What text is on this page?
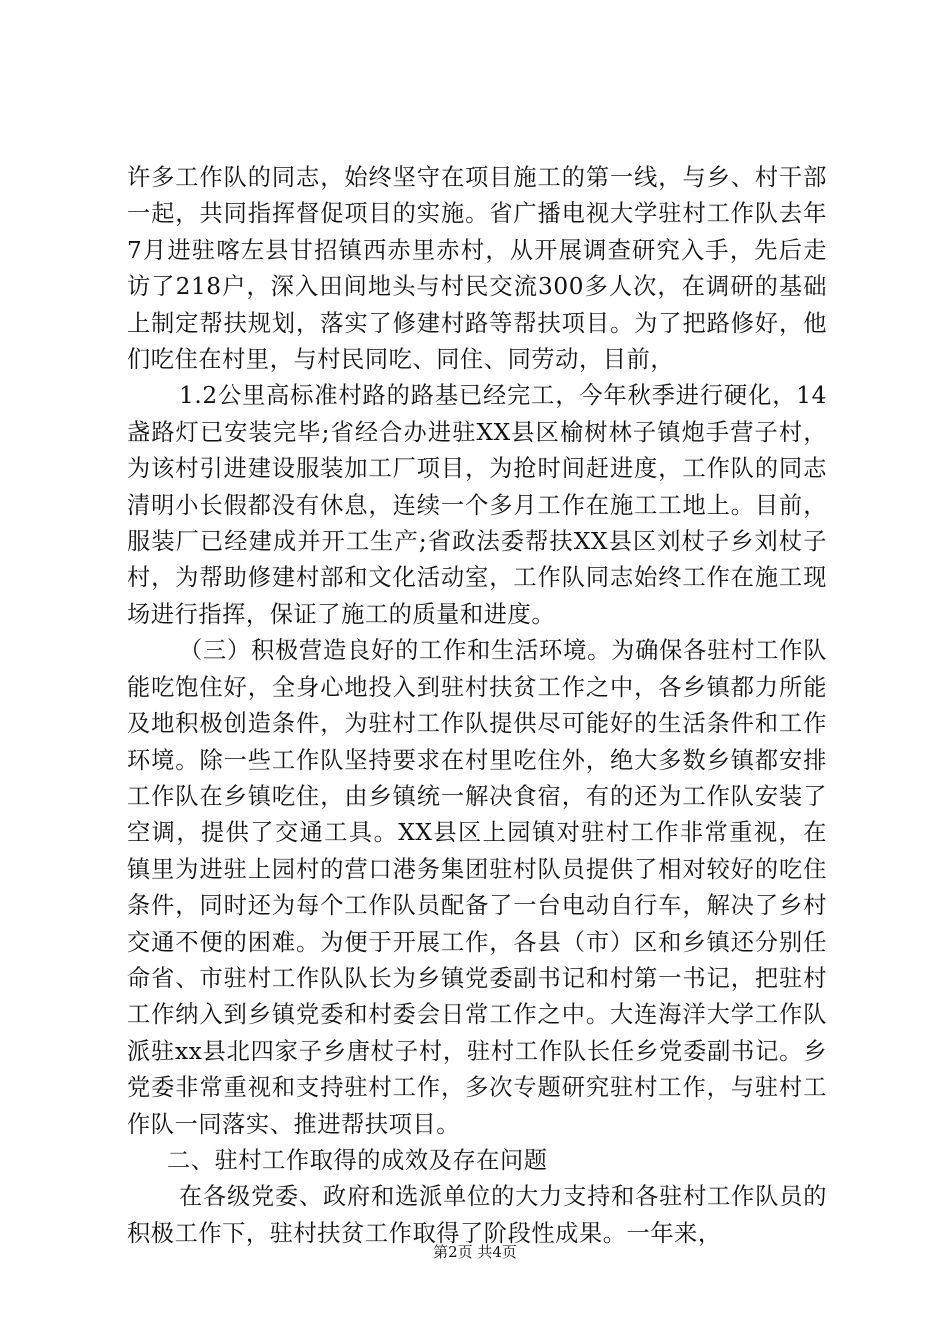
许多工作队的同志，始终坚守在项目施工的第一线，与乡、村干部一起，共同指挥督促项目的实施。省广播电视大学驻村工作队去年7月进驻喀左县甘招镇西赤里赤村，从开展调查研究入手，先后走访了218户，深入田间地头与村民交流300多人次，在调研的基础上制定帮扶规划，落实了修建村路等帮扶项目。为了把路修好，他们吃住在村里，与村民同吃、同住、同劳动，目前，

1.2公里高标准村路的路基已经完工，今年秋季进行硬化，14盏路灯已安装完毕;省经合办进驻XX县区榆树林子镇炮手营子村，为该村引进建设服装加工厂项目，为抢时间赶进度，工作队的同志清明小长假都没有休息，连续一个多月工作在施工工地上。目前，服装厂已经建成并开工生产;省政法委帮扶XX县区刘杖子乡刘杖子村，为帮助修建村部和文化活动室，工作队同志始终工作在施工现场进行指挥，保证了施工的质量和进度。

（三）积极营造良好的工作和生活环境。为确保各驻村工作队能吃饱住好，全身心地投入到驻村扶贫工作之中，各乡镇都力所能及地积极创造条件，为驻村工作队提供尽可能好的生活条件和工作环境。除一些工作队坚持要求在村里吃住外，绝大多数乡镇都安排工作队在乡镇吃住，由乡镇统一解决食宿，有的还为工作队安装了空调，提供了交通工具。XX县区上园镇对驻村工作非常重视，在镇里为进驻上园村的营口港务集团驻村队员提供了相对较好的吃住条件，同时还为每个工作队员配备了一台电动自行车，解决了乡村交通不便的困难。为便于开展工作，各县（市）区和乡镇还分别任命省、市驻村工作队队长为乡镇党委副书记和村第一书记，把驻村工作纳入到乡镇党委和村委会日常工作之中。大连海洋大学工作队派驻xx县北四家子乡唐杖子村，驻村工作队长任乡党委副书记。乡党委非常重视和支持驻村工作，多次专题研究驻村工作，与驻村工作队一同落实、推进帮扶项目。

二、驻村工作取得的成效及存在问题

在各级党委、政府和选派单位的大力支持和各驻村工作队员的积极工作下，驻村扶贫工作取得了阶段性成果。一年来，

第2页 共4页
